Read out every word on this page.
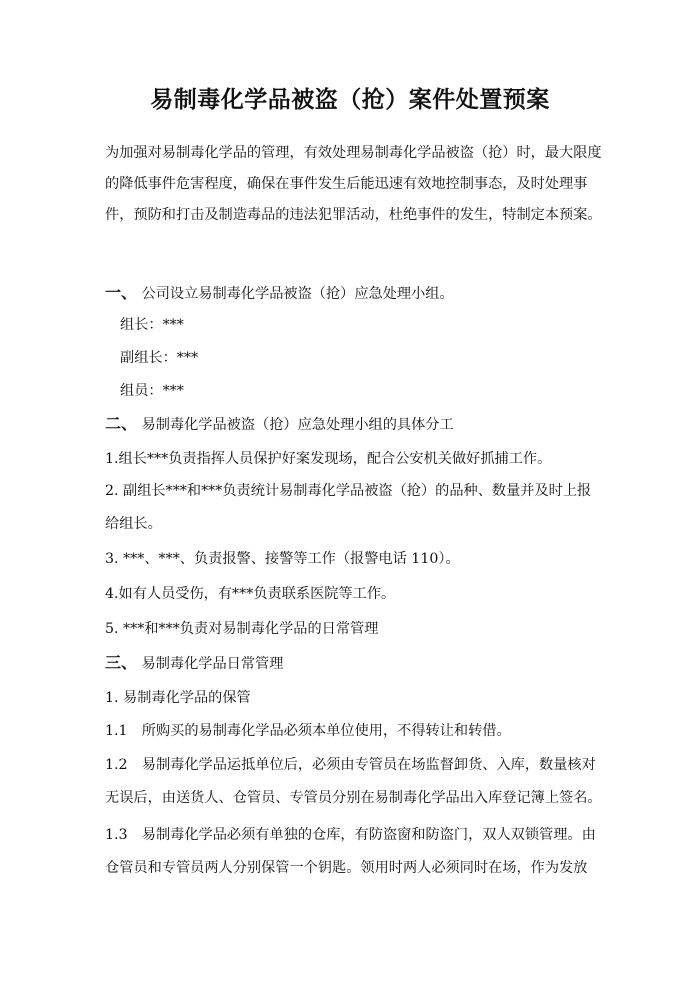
易制毒化学品被盗（抢）案件处置预案

为加强对易制毒化学品的管理，有效处理易制毒化学品被盗（抢）时，最大限度的降低事件危害程度，确保在事件发生后能迅速有效地控制事态，及时处理事件，预防和打击及制造毒品的违法犯罪活动，杜绝事件的发生，特制定本预案。

一、 公司设立易制毒化学品被盗（抢）应急处理小组。
组长：***
副组长：***
组员：***
二、 易制毒化学品被盗（抢）应急处理小组的具体分工
1.组长***负责指挥人员保护好案发现场，配合公安机关做好抓捕工作。

2. 副组长***和***负责统计易制毒化学品被盗（抢）的品种、数量并及时上报给组长。

3. ***、***、负责报警、接警等工作（报警电话 110）。
4.如有人员受伤，有***负责联系医院等工作。
5. ***和***负责对易制毒化学品的日常管理
三、 易制毒化学品日常管理
1. 易制毒化学品的保管
1.1　所购买的易制毒化学品必须本单位使用，不得转让和转借。

1.2　易制毒化学品运抵单位后，必须由专管员在场监督卸货、入库，数量核对无误后，由送货人、仓管员、专管员分别在易制毒化学品出入库登记簿上签名。

1.3　易制毒化学品必须有单独的仓库，有防盗窗和防盗门，双人双锁管理。由仓管员和专管员两人分别保管一个钥匙。领用时两人必须同时在场，作为发放
